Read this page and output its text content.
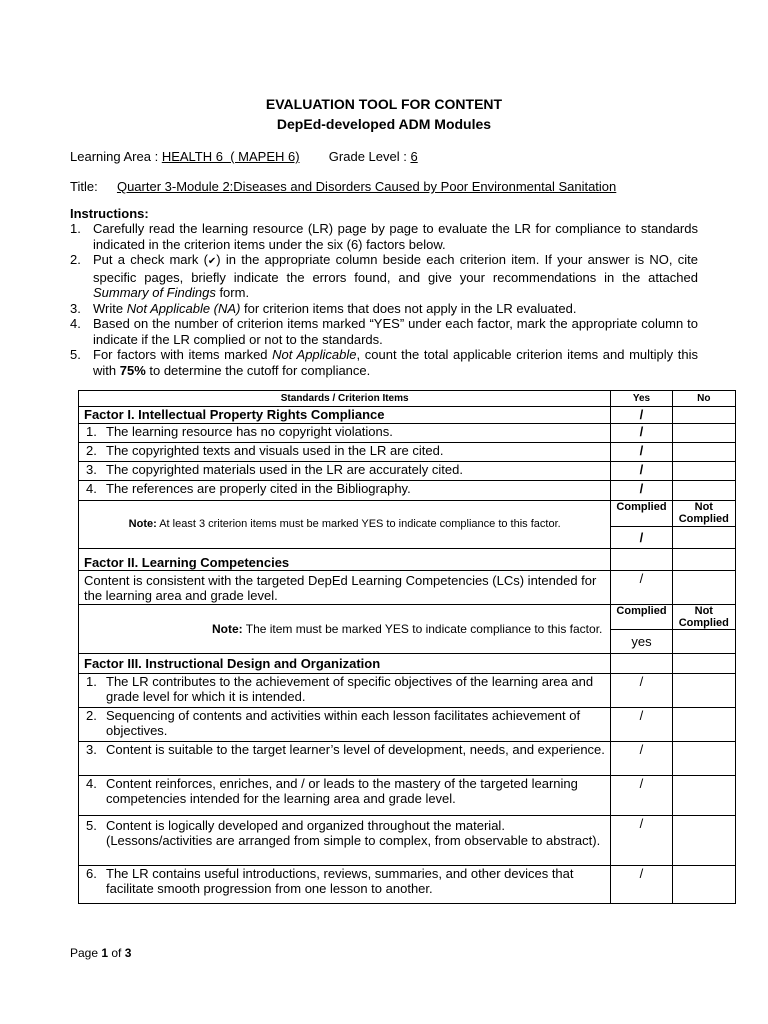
EVALUATION TOOL FOR CONTENT
DepEd-developed ADM Modules
Learning Area : HEALTH 6  ( MAPEH 6) Grade Level : 6
Title: Quarter 3-Module 2:Diseases and Disorders Caused by Poor Environmental Sanitation
Instructions:
1. Carefully read the learning resource (LR) page by page to evaluate the LR for compliance to standards indicated in the criterion items under the six (6) factors below.
2. Put a check mark (✔) in the appropriate column beside each criterion item. If your answer is NO, cite specific pages, briefly indicate the errors found, and give your recommendations in the attached Summary of Findings form.
3. Write Not Applicable (NA) for criterion items that does not apply in the LR evaluated.
4. Based on the number of criterion items marked “YES” under each factor, mark the appropriate column to indicate if the LR complied or not to the standards.
5. For factors with items marked Not Applicable, count the total applicable criterion items and multiply this with 75% to determine the cutoff for compliance.
Standards / Criterion Items	Yes	No
Factor I. Intellectual Property Rights Compliance	/	

1. The learning resource has no copyright violations.	/	

2. The copyrighted texts and visuals used in the LR are cited.	/	

3. The copyrighted materials used in the LR are accurately cited.	/	

4. The references are properly cited in the Bibliography.	/	
Note: At least 3 criterion items must be marked YES to indicate compliance to this factor.	Complied	Not Complied
	/	
Factor II. Learning Competencies		
Content is consistent with the targeted DepEd Learning Competencies (LCs) intended for the learning area and grade level.	/	
Note: The item must be marked YES to indicate compliance to this factor.	Complied	Not Complied
	yes	
Factor III. Instructional Design and Organization		

1. The LR contributes to the achievement of specific objectives of the learning area and grade level for which it is intended.	/	

2. Sequencing of contents and activities within each lesson facilitates achievement of objectives.	/	

3. Content is suitable to the target learner’s level of development, needs, and experience.	/	

4. Content reinforces, enriches, and / or leads to the mastery of the targeted learning competencies intended for the learning area and grade level.	/	

5. Content is logically developed and organized throughout the material. (Lessons/activities are arranged from simple to complex, from observable to abstract).	/	

6. The LR contains useful introductions, reviews, summaries, and other devices that facilitate smooth progression from one lesson to another.	/	
Page 1 of 3
